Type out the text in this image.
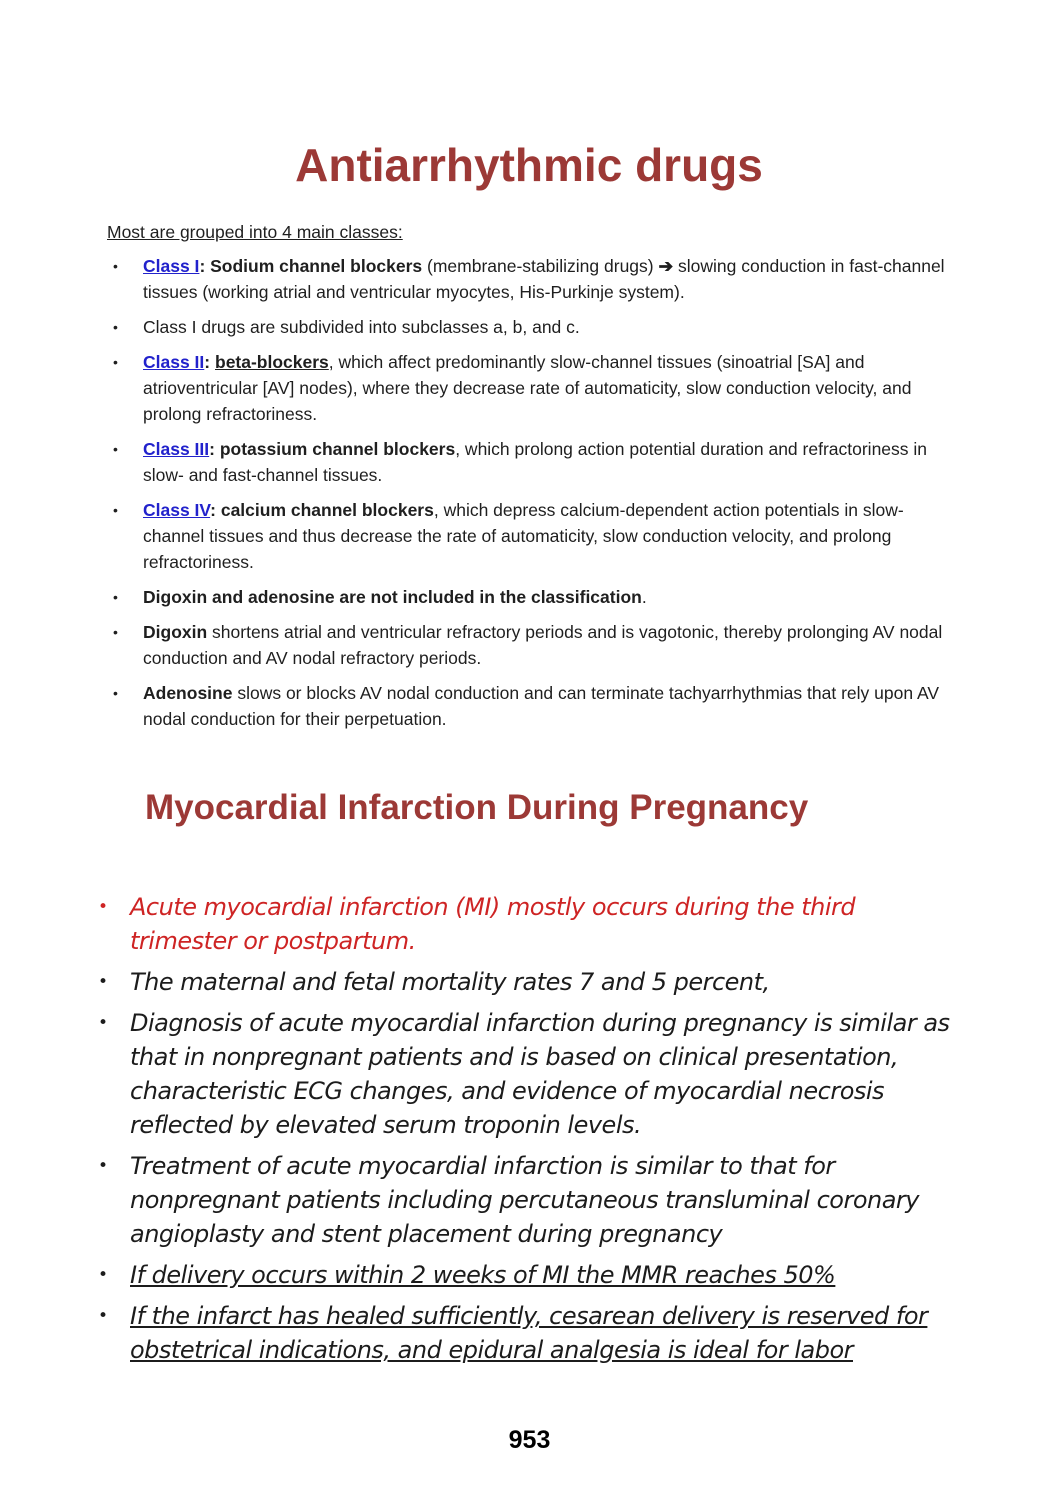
Antiarrhythmic drugs

Most are grouped into 4 main classes:

•	Class I: Sodium channel blockers (membrane-stabilizing drugs) ➔ slowing conduction in fast-channel tissues (working atrial and ventricular myocytes, His-Purkinje system).
•	Class I drugs are subdivided into subclasses a, b, and c.
•	Class II: beta-blockers, which affect predominantly slow-channel tissues (sinoatrial [SA] and atrioventricular [AV] nodes), where they decrease rate of automaticity, slow conduction velocity, and prolong refractoriness.
•	Class III: potassium channel blockers, which prolong action potential duration and refractoriness in slow- and fast-channel tissues.
•	Class IV: calcium channel blockers, which depress calcium-dependent action potentials in slow-channel tissues and thus decrease the rate of automaticity, slow conduction velocity, and prolong refractoriness.
•	Digoxin and adenosine are not included in the classification.
•	Digoxin shortens atrial and ventricular refractory periods and is vagotonic, thereby prolonging AV nodal conduction and AV nodal refractory periods.
•	Adenosine slows or blocks AV nodal conduction and can terminate tachyarrhythmias that rely upon AV nodal conduction for their perpetuation.
Myocardial Infarction During Pregnancy
• Acute myocardial infarction (MI) mostly occurs during the third trimester or postpartum.
• The maternal and fetal mortality rates 7 and 5 percent,
• Diagnosis of acute myocardial infarction during pregnancy is similar as that in nonpregnant patients and is based on clinical presentation, characteristic ECG changes, and evidence of myocardial necrosis reflected by elevated serum troponin levels.
• Treatment of acute myocardial infarction is similar to that for nonpregnant patients including percutaneous transluminal coronary angioplasty and stent placement during pregnancy
• If delivery occurs within 2 weeks of MI the MMR reaches 50%
• If the infarct has healed sufficiently, cesarean delivery is reserved for obstetrical indications, and epidural analgesia is ideal for labor
953
